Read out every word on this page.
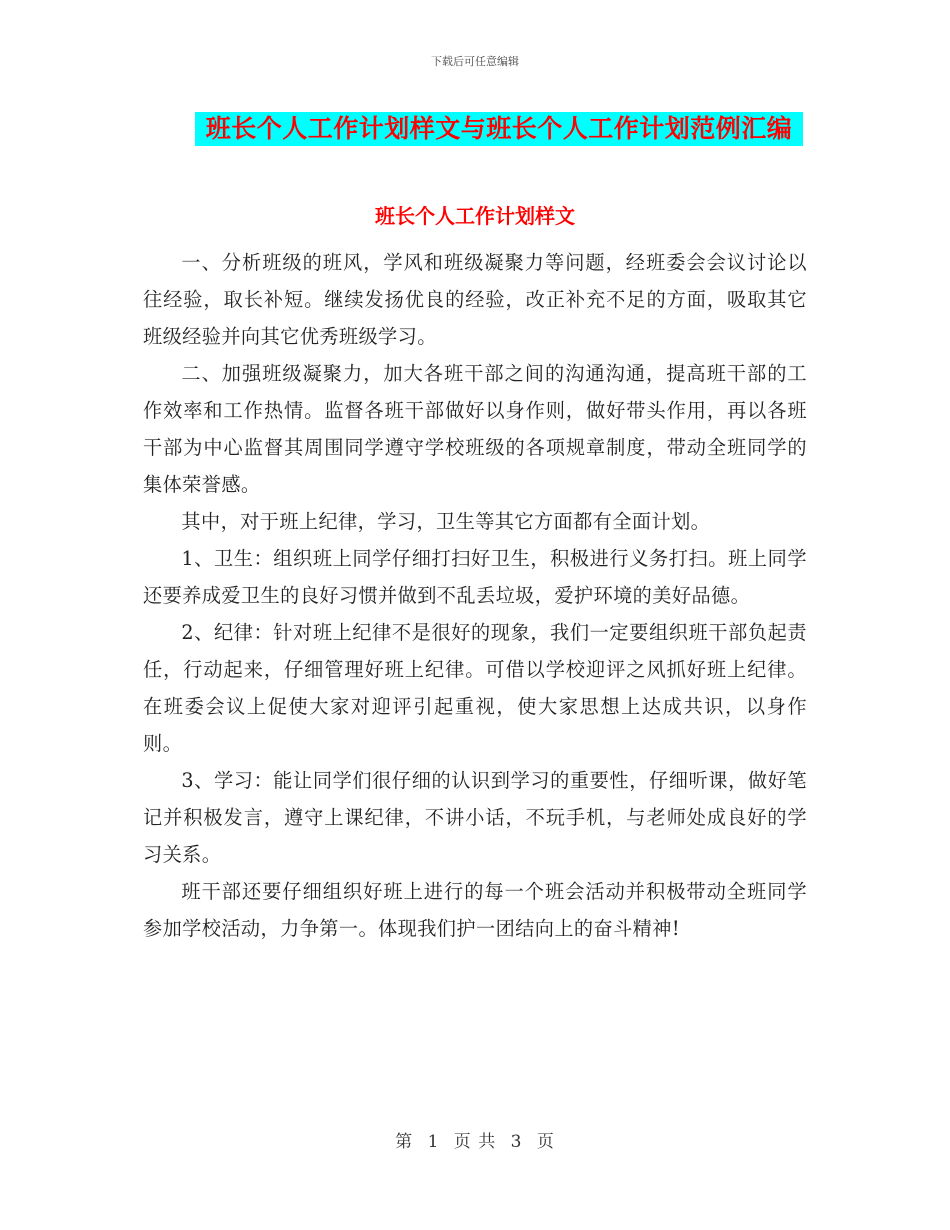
下载后可任意编辑
班长个人工作计划样文与班长个人工作计划范例汇编
班长个人工作计划样文

一、分析班级的班风，学风和班级凝聚力等问题，经班委会会议讨论以往经验，取长补短。继续发扬优良的经验，改正补充不足的方面，吸取其它班级经验并向其它优秀班级学习。

二、加强班级凝聚力，加大各班干部之间的沟通沟通，提高班干部的工作效率和工作热情。监督各班干部做好以身作则，做好带头作用，再以各班干部为中心监督其周围同学遵守学校班级的各项规章制度，带动全班同学的集体荣誉感。

其中，对于班上纪律，学习，卫生等其它方面都有全面计划。

1、卫生：组织班上同学仔细打扫好卫生，积极进行义务打扫。班上同学还要养成爱卫生的良好习惯并做到不乱丢垃圾，爱护环境的美好品德。

2、纪律：针对班上纪律不是很好的现象，我们一定要组织班干部负起责任，行动起来，仔细管理好班上纪律。可借以学校迎评之风抓好班上纪律。在班委会议上促使大家对迎评引起重视，使大家思想上达成共识，以身作则。

3、学习：能让同学们很仔细的认识到学习的重要性，仔细听课，做好笔记并积极发言，遵守上课纪律，不讲小话，不玩手机，与老师处成良好的学习关系。

班干部还要仔细组织好班上进行的每一个班会活动并积极带动全班同学参加学校活动，力争第一。体现我们护一团结向上的奋斗精神!

第 1 页 共 3 页
